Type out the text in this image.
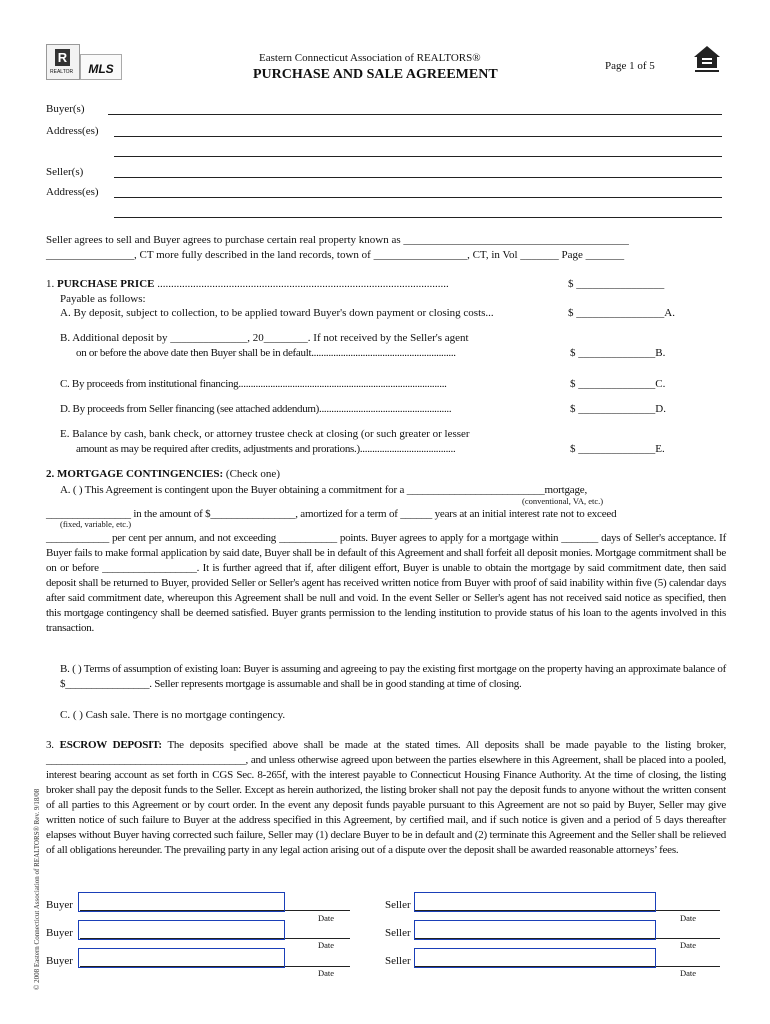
R
REALTOR	MLS
Eastern Connecticut Association of REALTORS®
PURCHASE AND SALE AGREEMENT
Page 1 of 5
Buyer(s)
Address(es)
Seller(s)
Address(es)
Seller agrees to sell and Buyer agrees to purchase certain real property known as _________________________________________
________________, CT more fully described in the land records, town of _________________, CT, in Vol _______ Page _______
1. PURCHASE PRICE ..........................................................................................................	$ ________________
Payable as follows:
A. By deposit, subject to collection, to be applied toward Buyer's down payment or closing costs...	$ ________________A.
B. Additional deposit by ______________, 20________. If not received by the Seller's agent
on or before the above date then Buyer shall be in default...........................................................	$ ______________B.
C. By proceeds from institutional financing.....................................................................................	$ ______________C.
D. By proceeds from Seller financing (see attached addendum)......................................................	$ ______________D.
E. Balance by cash, bank check, or attorney trustee check at closing (or such greater or lesser
amount as may be required after credits, adjustments and prorations.).......................................	$ ______________E.
2. MORTGAGE CONTINGENCIES: (Check one)
A. ( ) This Agreement is contingent upon the Buyer obtaining a commitment for a __________________________mortgage,
(conventional, VA, etc.)
________________ in the amount of $________________, amortized for a term of ______ years at an initial interest rate not to exceed
(fixed, variable, etc.)
____________ per cent per annum, and not exceeding ___________ points. Buyer agrees to apply for a mortgage within _______ days of Seller's acceptance. If Buyer fails to make formal application by said date, Buyer shall be in default of this Agreement and shall forfeit all deposit monies. Mortgage commitment shall be on or before __________________. It is further agreed that if, after diligent effort, Buyer is unable to obtain the mortgage by said commitment date, then said deposit shall be returned to Buyer, provided Seller or Seller's agent has received written notice from Buyer with proof of said inability within five (5) calendar days after said commitment date, whereupon this Agreement shall be null and void. In the event Seller or Seller's agent has not received said notice as specified, then this mortgage contingency shall be deemed satisfied. Buyer grants permission to the lending institution to provide status of his loan to the agents involved in this transaction.
B. ( ) Terms of assumption of existing loan: Buyer is assuming and agreeing to pay the existing first mortgage on the property having an approximate balance of $________________. Seller represents mortgage is assumable and shall be in good standing at time of closing.
C. ( ) Cash sale. There is no mortgage contingency.
3. ESCROW DEPOSIT: The deposits specified above shall be made at the stated times. All deposits shall be made payable to the listing broker, ______________________________________, and unless otherwise agreed upon between the parties elsewhere in this Agreement, shall be placed into a pooled, interest bearing account as set forth in CGS Sec. 8-265f, with the interest payable to Connecticut Housing Finance Authority. At the time of closing, the listing broker shall pay the deposit funds to the Seller. Except as herein authorized, the listing broker shall not pay the deposit funds to anyone without the written consent of all parties to this Agreement or by court order. In the event any deposit funds payable pursuant to this Agreement are not so paid by Buyer, Seller may give written notice of such failure to Buyer at the address specified in this Agreement, by certified mail, and if such notice is given and a period of 5 days thereafter elapses without Buyer having corrected such failure, Seller may (1) declare Buyer to be in default and (2) terminate this Agreement and the Seller shall be relieved of all obligations hereunder. The prevailing party in any legal action arising out of a dispute over the deposit shall be awarded reasonable attorneys’ fees.
Buyer
Date
Buyer
Date
Buyer
Date
Seller
Date
Seller
Date
Seller
Date
© 2008 Eastern Connecticut Association of REALTORS® Rev. 9/18/08
